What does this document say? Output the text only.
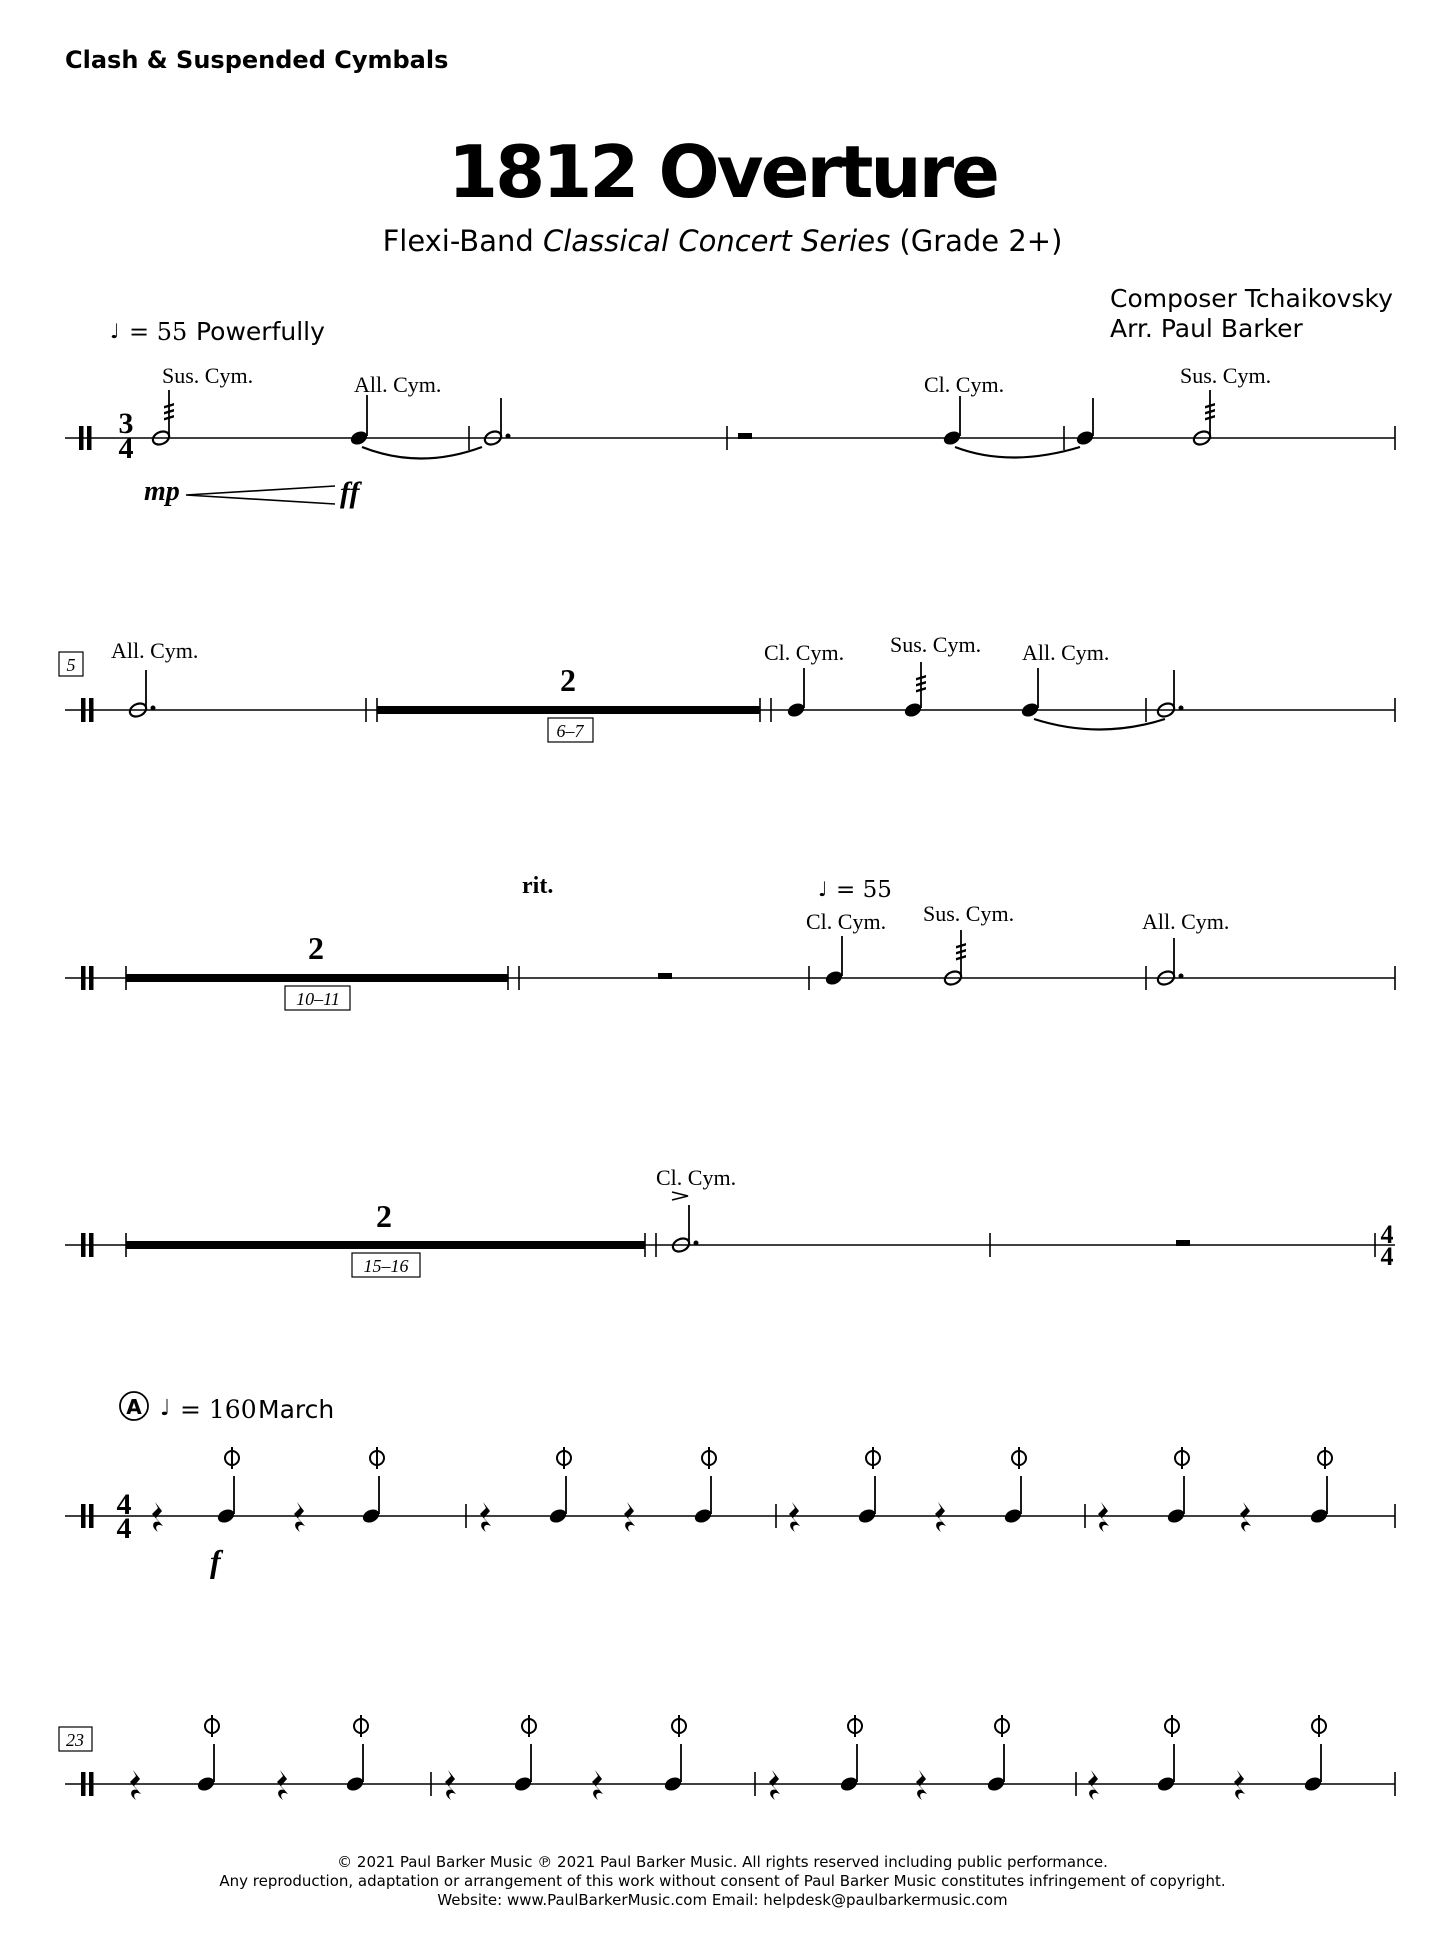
Clash & Suspended Cymbals
1812 Overture
Flexi-Band Classical Concert Series (Grade 2+)
Composer Tchaikovsky
Arr. Paul Barker
3
4
♩ = 55 Powerfully
Sus. Cym.	All. Cym.	Cl. Cym.	Sus. Cym.
mp	ff
5
All. Cym.
2
6–7
Cl. Cym. Sus. Cym. All. Cym.
2
10–11
rit.	♩ = 55
Cl. Cym. Sus. Cym.	All. Cym.
2
15–16
Cl. Cym.
4
4
A ♩ = 160 March
4
4
f
23
© 2021 Paul Barker Music ℗ 2021 Paul Barker Music. All rights reserved including public performance.
Any reproduction, adaptation or arrangement of this work without consent of Paul Barker Music constitutes infringement of copyright.
Website: www.PaulBarkerMusic.com Email: helpdesk@paulbarkermusic.com
